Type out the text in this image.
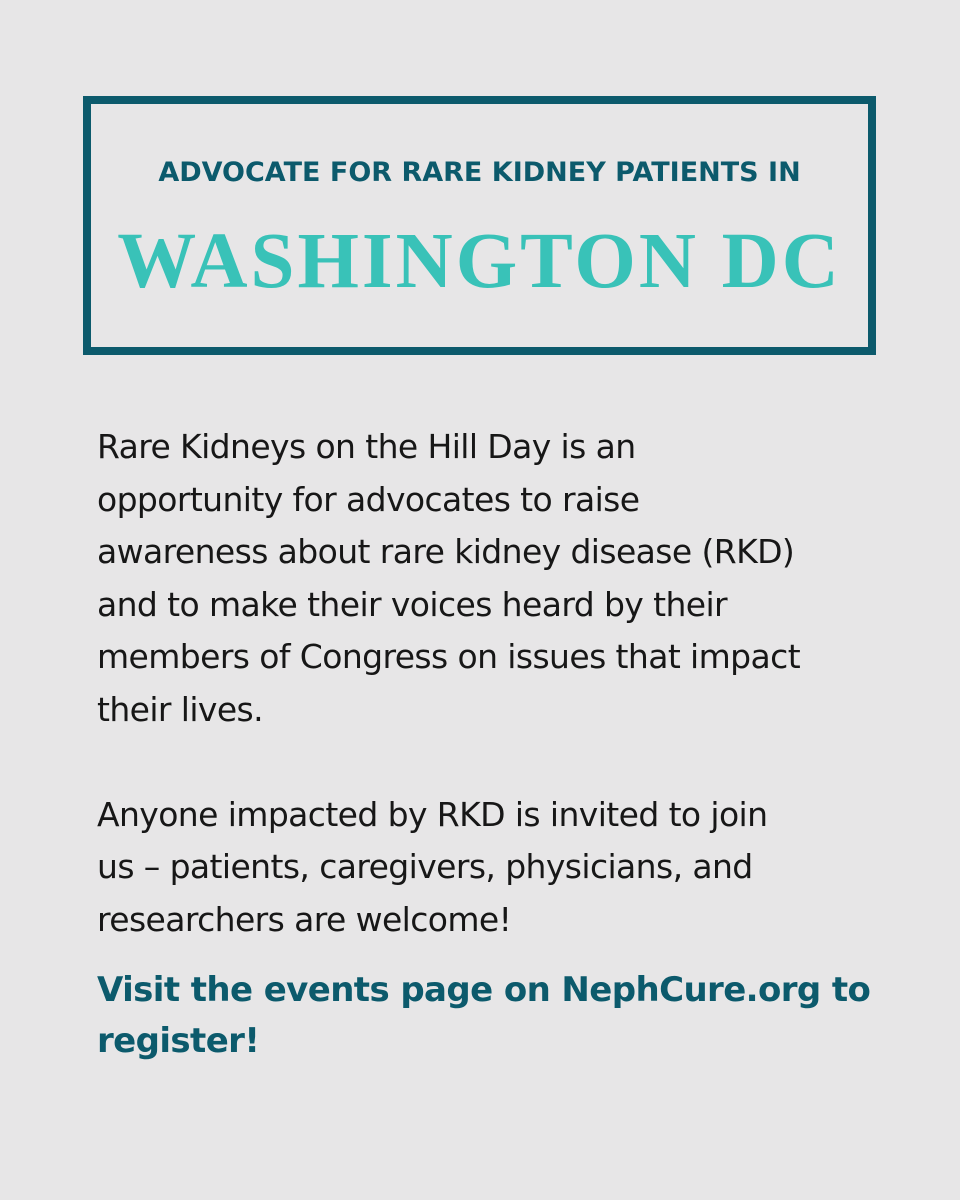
ADVOCATE FOR RARE KIDNEY PATIENTS IN
WASHINGTON DC

Rare Kidneys on the Hill Day is an
opportunity for advocates to raise
awareness about rare kidney disease (RKD)
and to make their voices heard by their
members of Congress on issues that impact
their lives.

Anyone impacted by RKD is invited to join
us – patients, caregivers, physicians, and
researchers are welcome!

Visit the events page on NephCure.org to
register!
